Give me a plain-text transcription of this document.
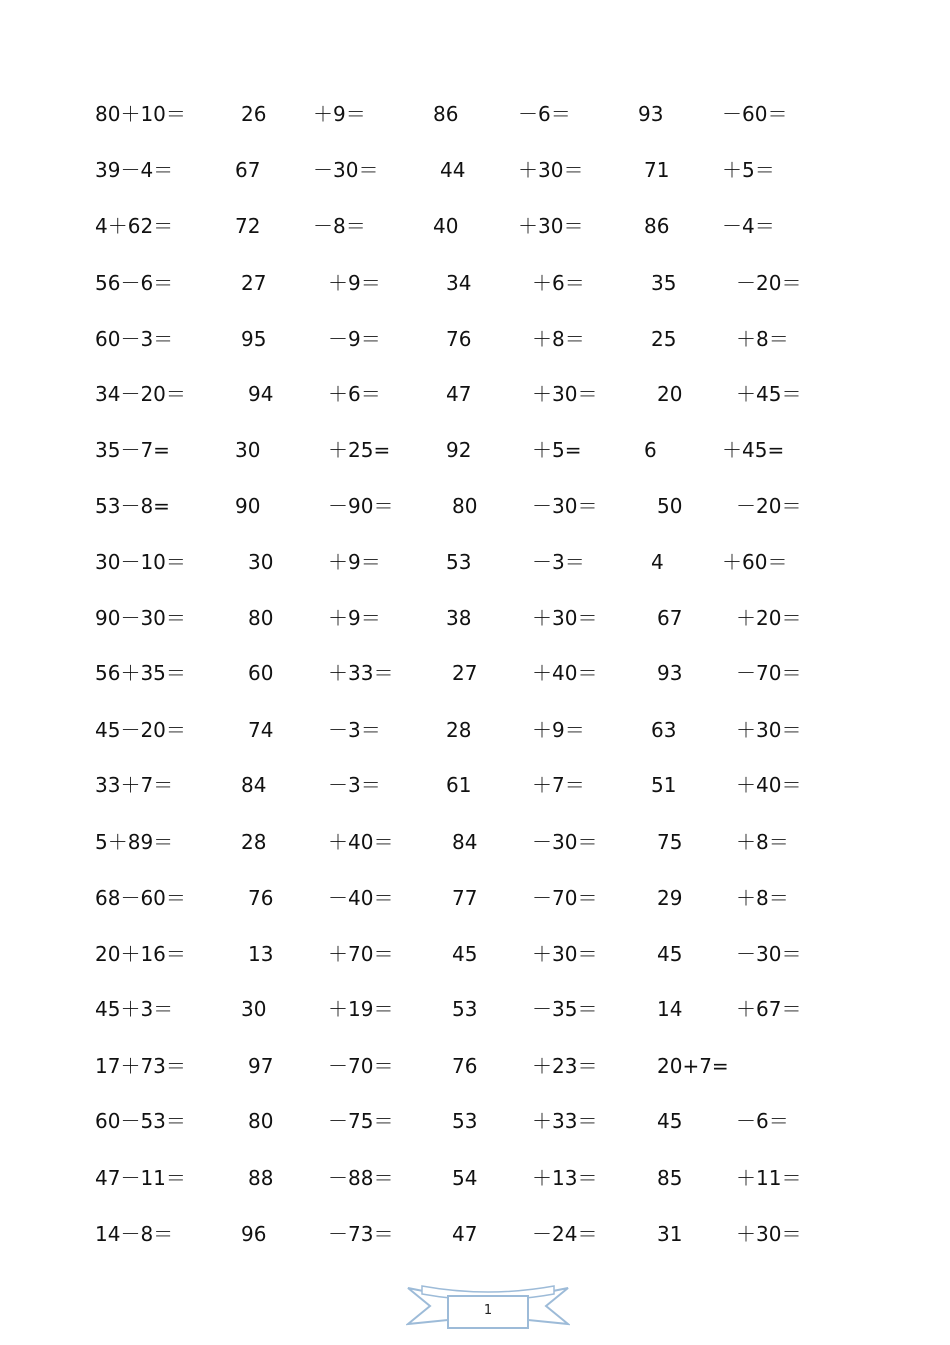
80＋10＝	26 ＋9＝	86	－6＝	93	－60＝
39－4＝	67	－30＝	44	＋30＝	71	＋5＝
4＋62＝	72	－8＝	40	＋30＝	86	－4＝
56－6＝	27	＋9＝	34	＋6＝	35	－20＝
60－3＝	95	－9＝	76	＋8＝	25	＋8＝
34－20＝	94	＋6＝	47	＋30＝	20	＋45＝
35－7=	30	＋25=	92	＋5=	6	＋45=
53－8=	90	－90＝	80	－30＝	50	－20＝
30－10＝	30	＋9＝	53	－3＝	4	＋60＝
90－30＝	80	＋9＝	38	＋30＝	67	＋20＝
56＋35＝	60	＋33＝	27	＋40＝	93	－70＝
45－20＝	74	－3＝	28	＋9＝	63	＋30＝
33＋7＝	84	－3＝	61	＋7＝	51	＋40＝
5＋89＝	28	＋40＝	84	－30＝	75	＋8＝
68－60＝	76	－40＝	77	－70＝	29	＋8＝
20＋16＝	13	＋70＝	45	＋30＝	45	－30＝
45＋3＝	30	＋19＝	53	－35＝	14	＋67＝
17＋73＝	97	－70＝	76	＋23＝	20+7=
60－53＝	80	－75＝	53	＋33＝	45	－6＝
47－11＝	88	－88＝	54	＋13＝	85	＋11＝
14－8＝	96	－73＝	47	－24＝	31	＋30＝
1
